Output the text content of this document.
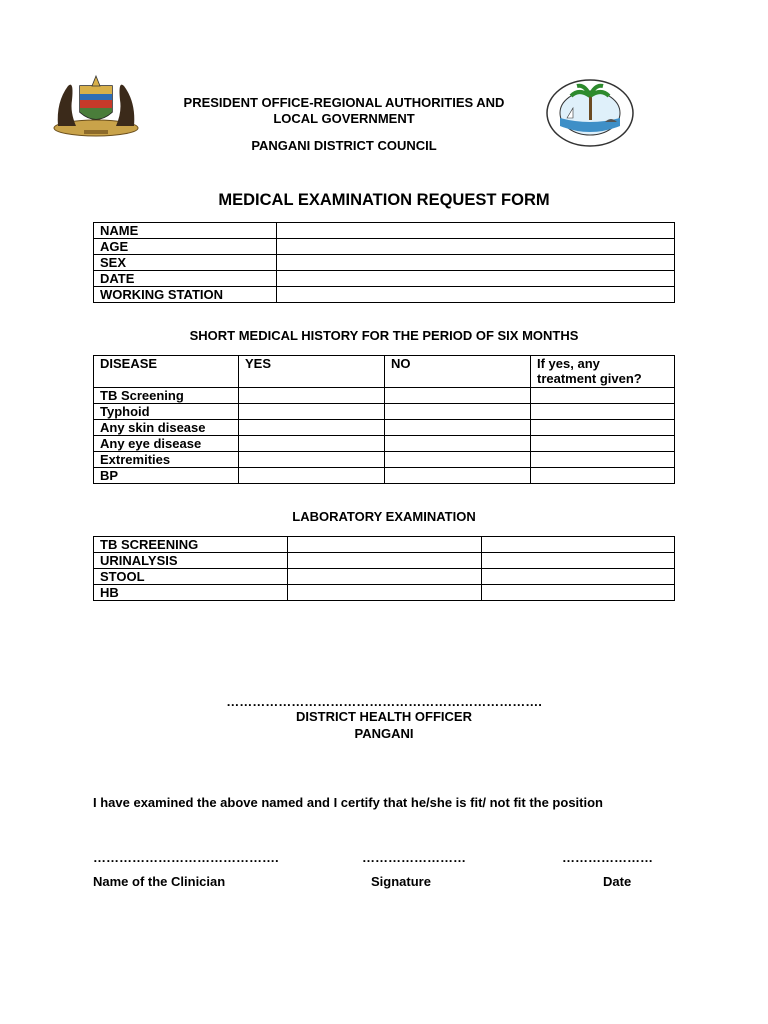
PRESIDENT OFFICE-REGIONAL AUTHORITIES AND
LOCAL GOVERNMENT
PANGANI DISTRICT COUNCIL
MEDICAL EXAMINATION REQUEST FORM
NAME	
AGE	
SEX	
DATE	
WORKING STATION	
SHORT MEDICAL HISTORY FOR THE PERIOD OF SIX MONTHS
DISEASE	YES	NO	If yes, any treatment given?
TB Screening			
Typhoid			
Any skin disease			
Any eye disease			
Extremities			
BP			
LABORATORY EXAMINATION
TB SCREENING		
URINALYSIS		
STOOL		
HB		
……………………………………………………………….
DISTRICT HEALTH OFFICER
PANGANI
I have examined the above named and I certify that he/she is fit/ not fit the position
…………………………………….	……………………	…………………
Name of the Clinician	Signature	Date
